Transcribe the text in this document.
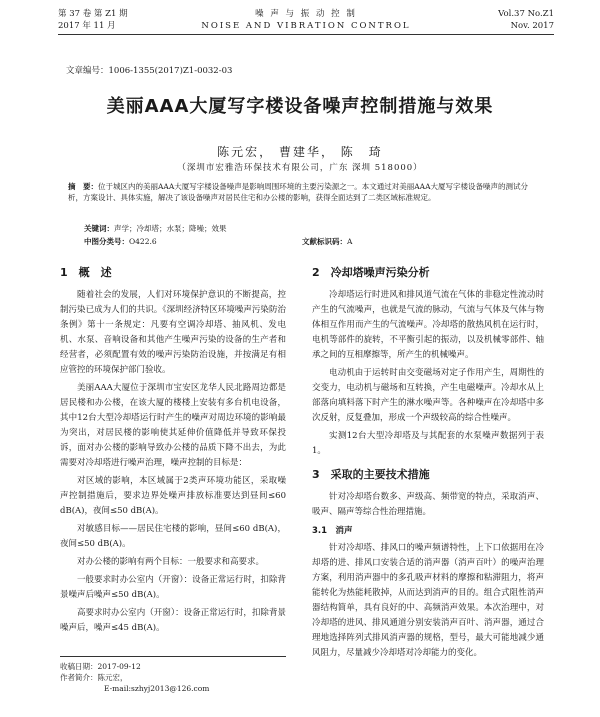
第 37 卷 第 Z1 期
2017 年 11 月
噪 声 与 振 动 控 制
NOISE AND VIBRATION CONTROL
Vol.37 No.Z1
Nov. 2017
文章编号：1006-1355(2017)Z1-0032-03
美丽AAA大厦写字楼设备噪声控制措施与效果
陈元宏， 曹建华， 陈　琦
（深圳市宏雅浩环保技术有限公司，广东 深圳 518000）
摘　要：位于城区内的美丽AAA大厦写字楼设备噪声是影响周围环境的主要污染源之一。本文通过对美丽AAA大厦写字楼设备噪声的测试分析，方案设计、具体实施，解决了该设备噪声对居民住宅和办公楼的影响，获得全面达到了二类区域标准规定。
关键词：声学；冷却塔；水泵；降噪；效果
中图分类号：O422.6	文献标识码：A
1　概　述

随着社会的发展，人们对环境保护意识的不断提高，控制污染已成为人们的共识。《深圳经济特区环境噪声污染防治条例》第十一条规定：凡要有空调冷却塔、抽风机、发电机、水泵、音响设备和其他产生噪声污染的设备的生产者和经营者，必须配置有效的噪声污染防治设施，并按满足有相应管控的环境保护部门验收。

美丽AAA大厦位于深圳市宝安区龙华人民北路周边都是居民楼和办公楼，在该大厦的楼楼上安装有多台机电设备，其中12台大型冷却塔运行时产生的噪声对周边环境的影响最为突出，对居民楼的影响使其延伸价值降低并导致环保投诉，面对办公楼的影响导致办公楼的品质下降不出去，为此需要对冷却塔进行噪声治理，噪声控制的目标是：

对区域的影响，本区域属于2类声环境功能区，采取噪声控制措施后，要求边界处噪声排放标准要达到昼间≤60 dB(A)，夜间≤50 dB(A)。

对敏感目标——居民住宅楼的影响，昼间≤60 dB(A)，夜间≤50 dB(A)。

对办公楼的影响有两个目标：一般要求和高要求。

一般要求时办公室内（开窗）：设备正常运行时，扣除背景噪声后噪声≤50 dB(A)。

高要求时办公室内（开窗）：设备正常运行时，扣除背景噪声后，噪声≤45 dB(A)。

2　冷却塔噪声污染分析

冷却塔运行时进风和排风道气流在气体的非稳定性流动时产生的气流噪声，也就是气流的脉动，气流与气体及气体与物体相互作用而产生的气流噪声。冷却塔的散热风机在运行时，电机等部件的旋转，不平衡引起的振动，以及机械零部件、轴承之间的互相摩擦等，所产生的机械噪声。

电动机由于运转时由交变磁场对定子作用产生，周期性的交变力，电动机与磁场和互转换，产生电磁噪声。冷却水从上部落向填料落下时产生的淋水噪声等。各种噪声在冷却塔中多次反射，反复叠加，形成一个声级较高的综合性噪声。

实测12台大型冷却塔及与其配套的水泵噪声数据列于表1。

3　采取的主要技术措施

针对冷却塔台数多、声级高、频带宽的特点，采取消声、吸声、隔声等综合性治理措施。

3.1　消声

针对冷却塔、排风口的噪声频谱特性，上下口依据用在冷却塔的进、排风口安装合适的消声器（消声百叶）的噪声治理方案，利用消声器中的多孔吸声材料的摩擦和粘滞阻力，将声能转化为热能耗散掉，从而达到消声的目的。组合式阻性消声器结构简单，具有良好的中、高频消声效果。本次治理中，对冷却塔的进风、排风通道分别安装消声百叶、消声器，通过合理地选择阵列式排风消声器的规格，型号，最大可能地减少通风阻力，尽量减少冷却塔对冷却能力的变化。

收稿日期：2017-09-12
作者简介：陈元宏，
E-mail:szhyj2013@126.com
